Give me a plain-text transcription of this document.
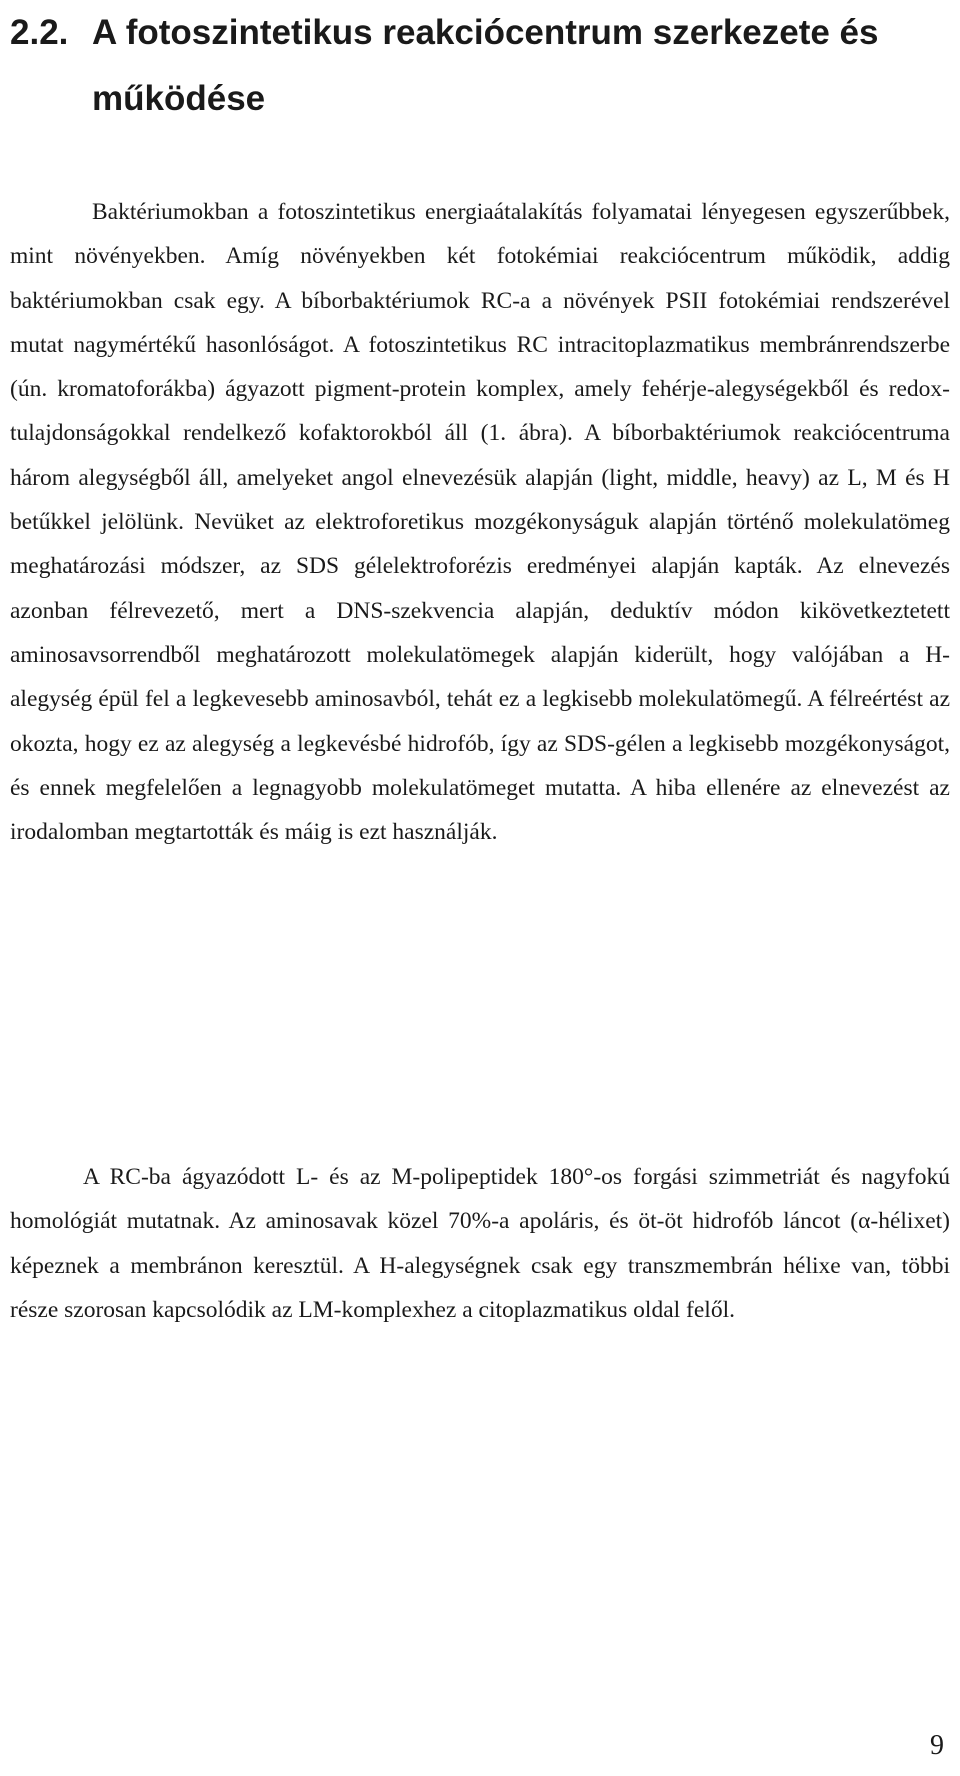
2.2. A fotoszintetikus reakciócentrum szerkezete és
működése

Baktériumokban a fotoszintetikus energiaátalakítás folyamatai lényegesen egyszerűbbek, mint növényekben. Amíg növényekben két fotokémiai reakciócentrum működik, addig baktériumokban csak egy. A bíborbaktériumok RC-a a növények PSII fotokémiai rendszerével mutat nagymértékű hasonlóságot. A fotoszintetikus RC intracitoplazmatikus membránrendszerbe (ún. kromatoforákba) ágyazott pigment-protein komplex, amely fehérje-alegységekből és redox-tulajdonságokkal rendelkező kofaktorokból áll (1. ábra). A bíborbaktériumok reakciócentruma három alegységből áll, amelyeket angol elnevezésük alapján (light, middle, heavy) az L, M és H betűkkel jelölünk. Nevüket az elektroforetikus mozgékonyságuk alapján történő molekulatömeg meghatározási módszer, az SDS gélelektroforézis eredményei alapján kapták. Az elnevezés azonban félrevezető, mert a DNS-szekvencia alapján, deduktív módon kikövetkeztetett aminosavsorrendből meghatározott molekulatömegek alapján kiderült, hogy valójában a H-alegység épül fel a legkevesebb aminosavból, tehát ez a legkisebb molekulatömegű. A félreértést az okozta, hogy ez az alegység a legkevésbé hidrofób, így az SDS-gélen a legkisebb mozgékonyságot, és ennek megfelelően a legnagyobb molekulatömeget mutatta. A hiba ellenére az elnevezést az irodalomban megtartották és máig is ezt használják.

A RC-ba ágyazódott L- és az M-polipeptidek 180°-os forgási szimmetriát és nagyfokú homológiát mutatnak. Az aminosavak közel 70%-a apoláris, és öt-öt hidrofób láncot (α-hélixet) képeznek a membránon keresztül. A H-alegységnek csak egy transzmembrán hélixe van, többi része szorosan kapcsolódik az LM-komplexhez a citoplazmatikus oldal felől.

9
